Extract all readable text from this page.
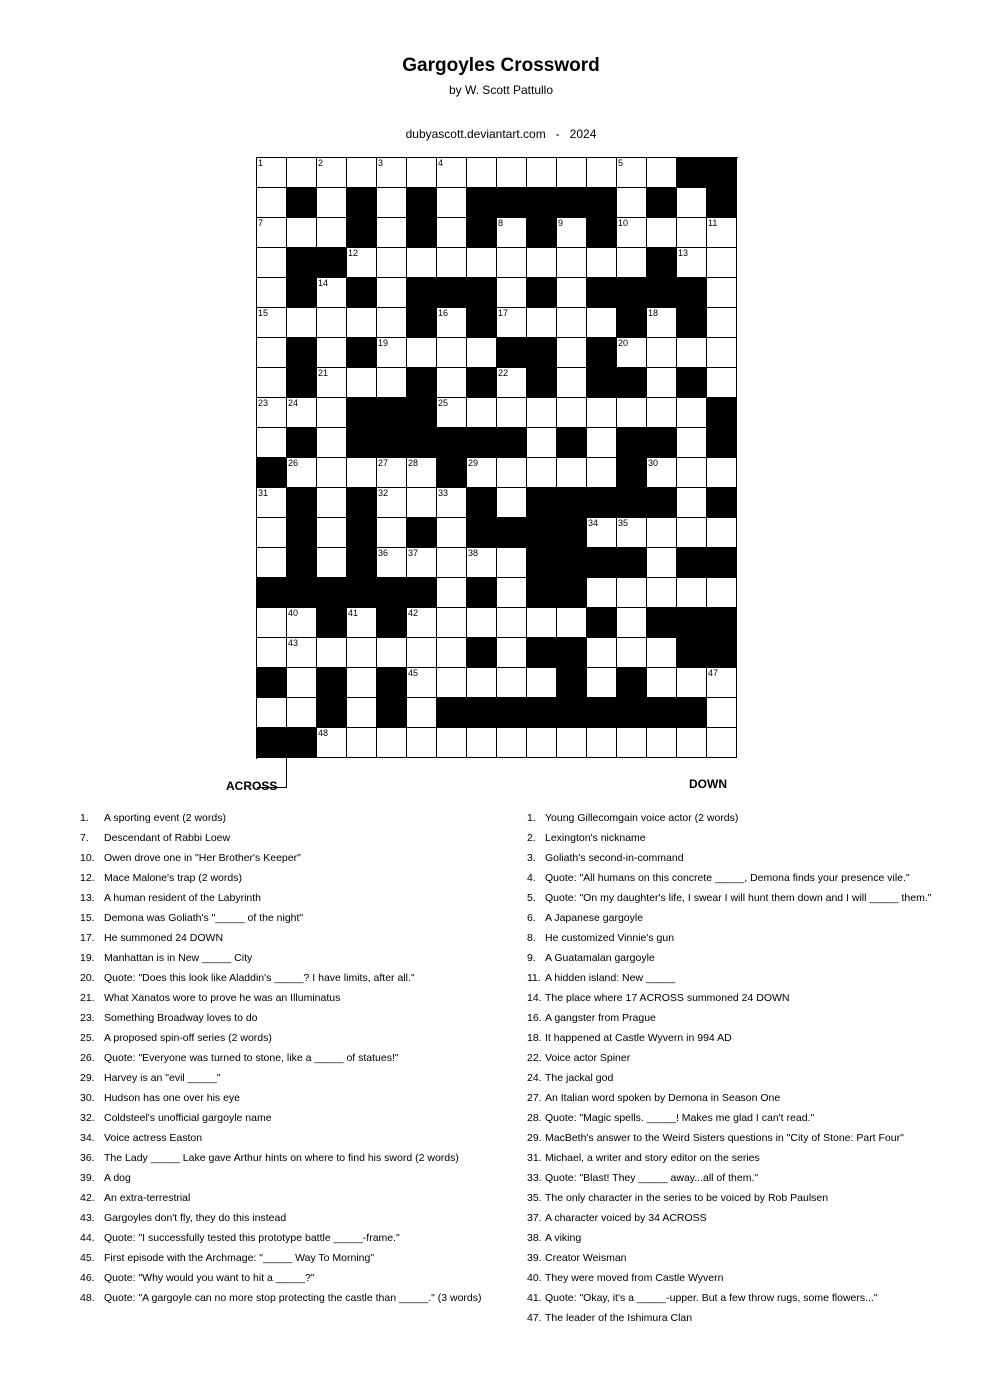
Gargoyles Crossword
by W. Scott Pattullo
dubyascott.deviantart.com   -   2024
1	2	3	4	5	6
7	8	9	10	11
12	13
14
15	16	17	18
19	20
21	22
23 24	25
26	27 28	29	30
31	32	33
34 35
36 37	38
39
40	41	42
43	44
45	46	47
48
ACROSS	DOWN
1. A sporting event (2 words)
7. Descendant of Rabbi Loew
10. Owen drove one in "Her Brother's Keeper"
12. Mace Malone's trap (2 words)
13. A human resident of the Labyrinth
15. Demona was Goliath's "_____ of the night"
17. He summoned 24 DOWN
19. Manhattan is in New _____ City
20. Quote: "Does this look like Aladdin's _____? I have limits, after all."
21. What Xanatos wore to prove he was an Illuminatus
23. Something Broadway loves to do
25. A proposed spin-off series (2 words)
26. Quote: "Everyone was turned to stone, like a _____ of statues!"
29. Harvey is an "evil _____"
30. Hudson has one over his eye
32. Coldsteel's unofficial gargoyle name
34. Voice actress Easton
36. The Lady _____ Lake gave Arthur hints on where to find his sword (2 words)
39. A dog
42. An extra-terrestrial
43. Gargoyles don't fly, they do this instead
44. Quote: "I successfully tested this prototype battle _____-frame."
45. First episode with the Archmage: "_____ Way To Morning"
46. Quote: "Why would you want to hit a _____?"
48. Quote: "A gargoyle can no more stop protecting the castle than _____." (3 words)
1. Young Gillecomgain voice actor (2 words)
2. Lexington's nickname
3. Goliath's second-in-command
4. Quote: "All humans on this concrete _____, Demona finds your presence vile."
5. Quote: "On my daughter's life, I swear I will hunt them down and I will _____ them."
6. A Japanese gargoyle
8. He customized Vinnie's gun
9. A Guatamalan gargoyle
11. A hidden island: New _____
14. The place where 17 ACROSS summoned 24 DOWN
16. A gangster from Prague
18. It happened at Castle Wyvern in 994 AD
22. Voice actor Spiner
24. The jackal god
27. An Italian word spoken by Demona in Season One
28. Quote: "Magic spells. _____! Makes me glad I can't read."
29. MacBeth's answer to the Weird Sisters questions in "City of Stone: Part Four"
31. Michael, a writer and story editor on the series
33. Quote: "Blast! They _____ away...all of them."
35. The only character in the series to be voiced by Rob Paulsen
37. A character voiced by 34 ACROSS
38. A viking
39. Creator Weisman
40. They were moved from Castle Wyvern
41. Quote: "Okay, it's a _____-upper. But a few throw rugs, some flowers..."
47. The leader of the Ishimura Clan
